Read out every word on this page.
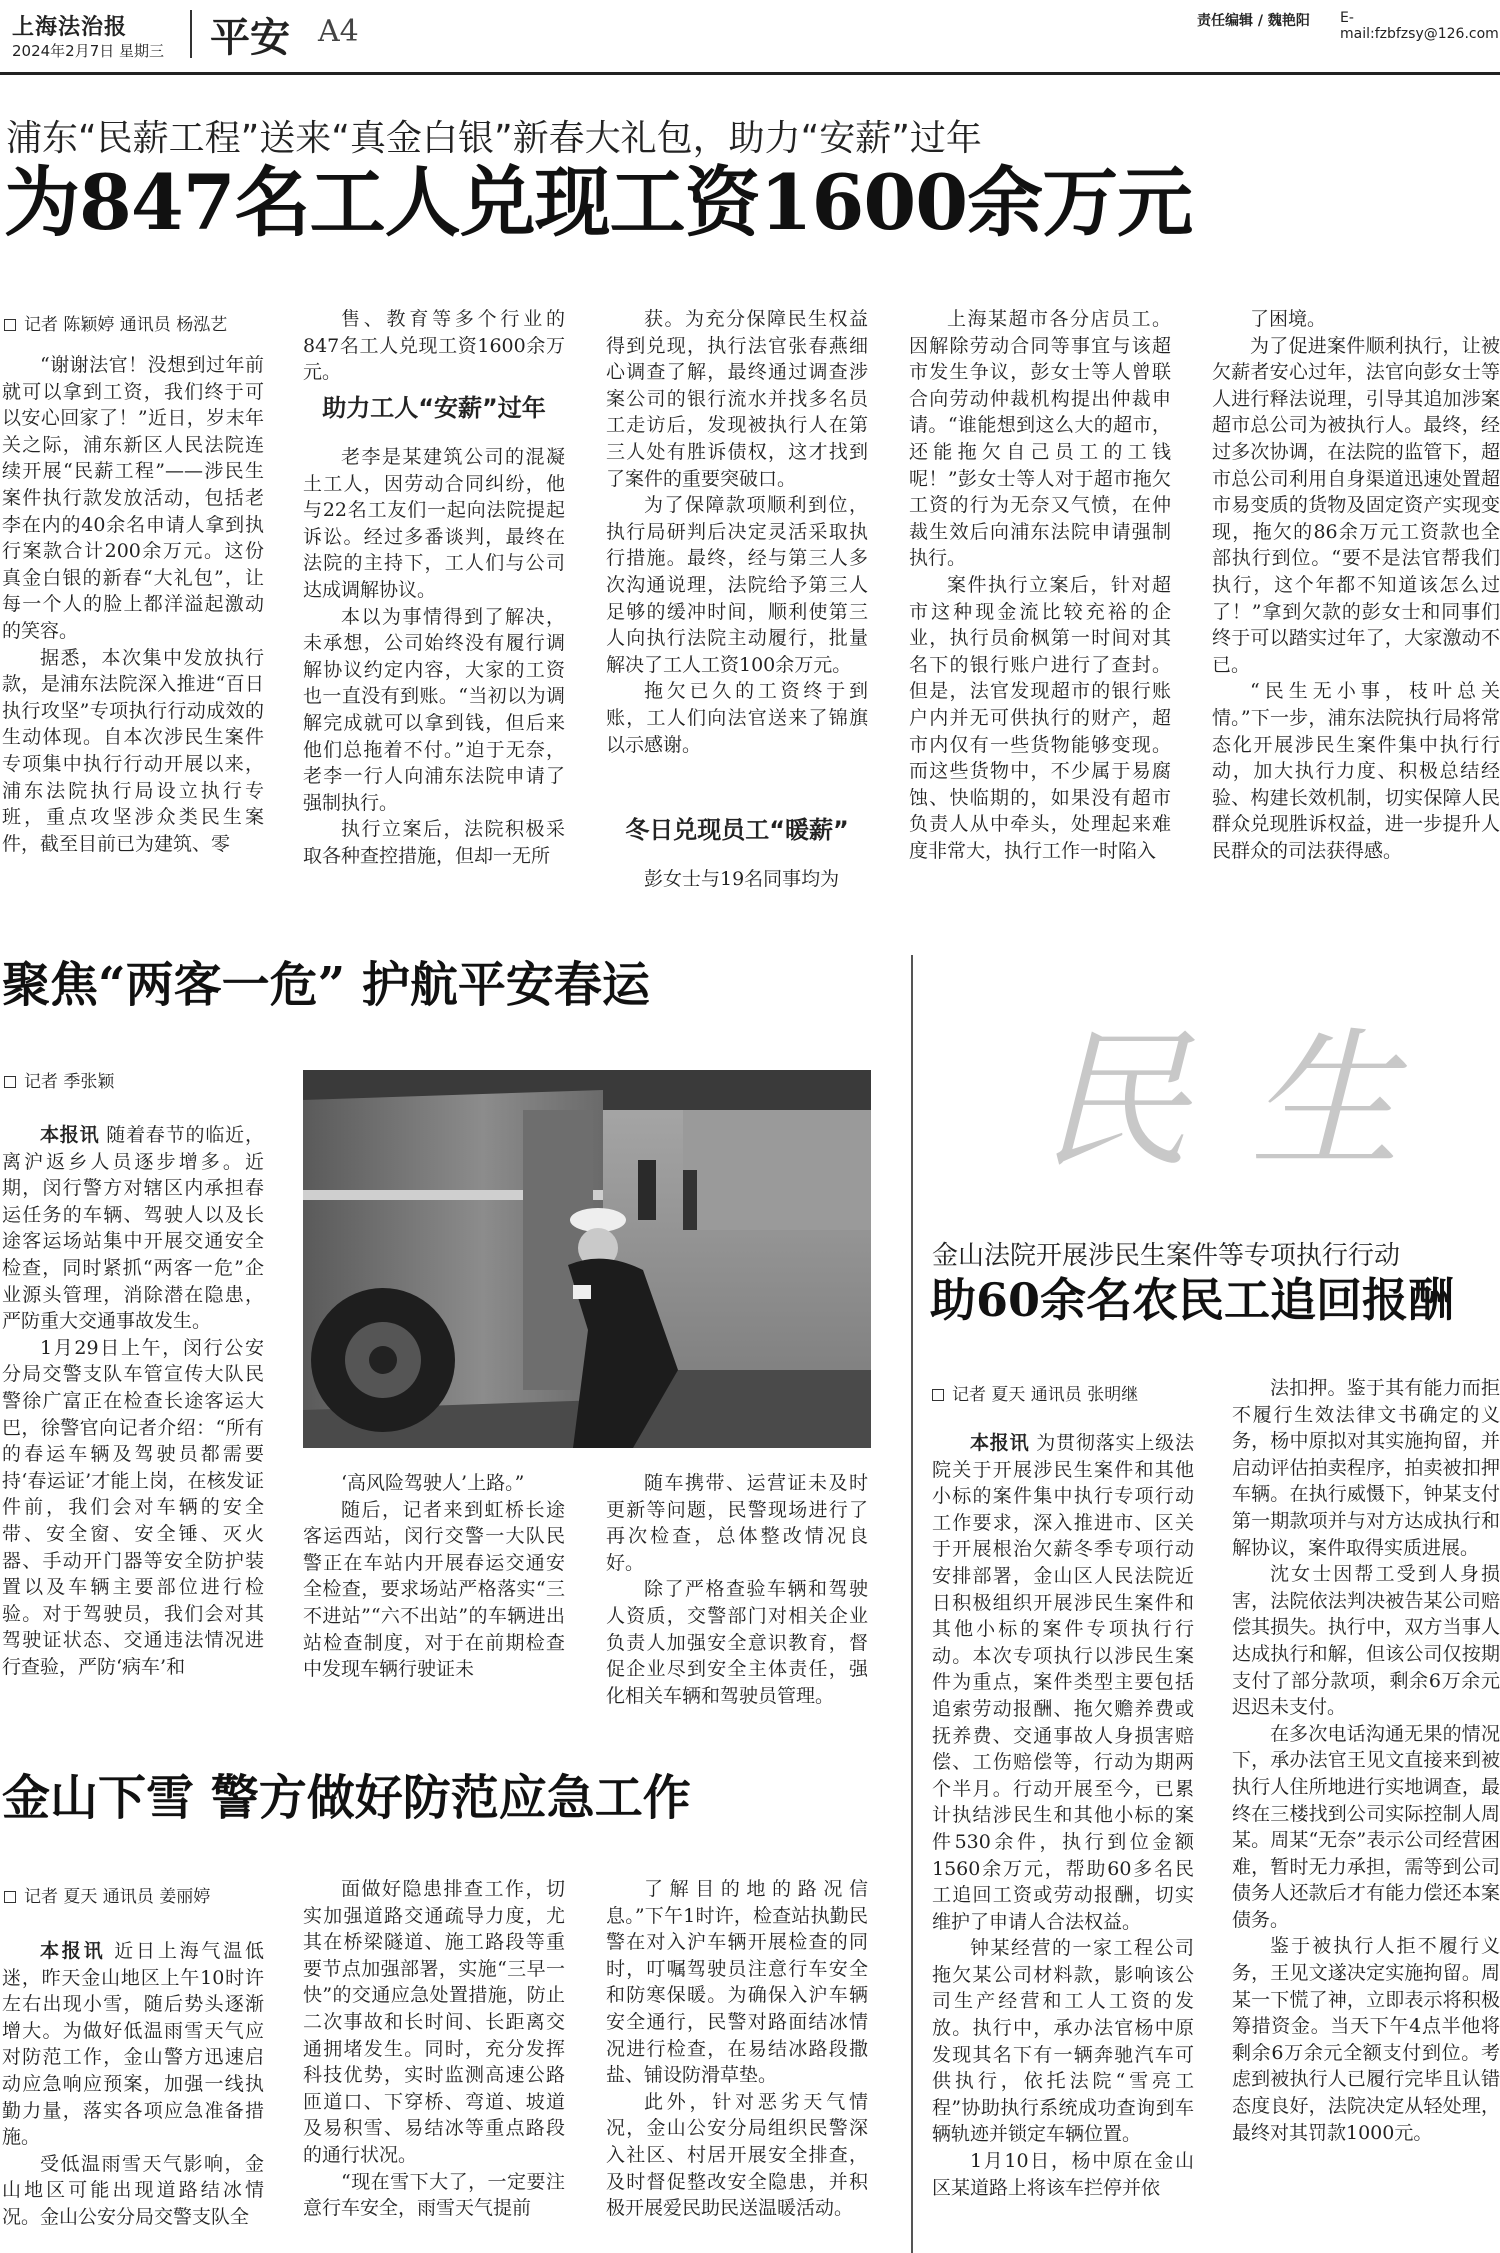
上海法治报
2024年2月7日 星期三 平安 A4	责任编辑 / 魏艳阳 E-mail:fzbfzsy@126.com
浦东“民薪工程”送来“真金白银”新春大礼包，助力“安薪”过年
为847名工人兑现工资1600余万元
记者 陈颖婷 通讯员 杨泓艺

“谢谢法官！没想到过年前就可以拿到工资，我们终于可以安心回家了！”近日，岁末年关之际，浦东新区人民法院连续开展“民薪工程”——涉民生案件执行款发放活动，包括老李在内的40余名申请人拿到执行案款合计200余万元。这份真金白银的新春“大礼包”，让每一个人的脸上都洋溢起激动的笑容。

据悉，本次集中发放执行款，是浦东法院深入推进“百日执行攻坚”专项执行行动成效的生动体现。自本次涉民生案件专项集中执行行动开展以来，浦东法院执行局设立执行专班，重点攻坚涉众类民生案件，截至目前已为建筑、零

售、教育等多个行业的847名工人兑现工资1600余万元。

助力工人“安薪”过年

老李是某建筑公司的混凝土工人，因劳动合同纠纷，他与22名工友们一起向法院提起诉讼。经过多番谈判，最终在法院的主持下，工人们与公司达成调解协议。

本以为事情得到了解决，未承想，公司始终没有履行调解协议约定内容，大家的工资也一直没有到账。“当初以为调解完成就可以拿到钱，但后来他们总拖着不付。”迫于无奈，老李一行人向浦东法院申请了强制执行。

执行立案后，法院积极采取各种查控措施，但却一无所

获。为充分保障民生权益得到兑现，执行法官张春燕细心调查了解，最终通过调查涉案公司的银行流水并找多名员工走访后，发现被执行人在第三人处有胜诉债权，这才找到了案件的重要突破口。

为了保障款项顺利到位，执行局研判后决定灵活采取执行措施。最终，经与第三人多次沟通说理，法院给予第三人足够的缓冲时间，顺利使第三人向执行法院主动履行，批量解决了工人工资100余万元。

拖欠已久的工资终于到账，工人们向法官送来了锦旗以示感谢。

冬日兑现员工“暖薪”

彭女士与19名同事均为

上海某超市各分店员工。因解除劳动合同等事宜与该超市发生争议，彭女士等人曾联合向劳动仲裁机构提出仲裁申请。“谁能想到这么大的超市，还能拖欠自己员工的工钱呢！”彭女士等人对于超市拖欠工资的行为无奈又气愤，在仲裁生效后向浦东法院申请强制执行。

案件执行立案后，针对超市这种现金流比较充裕的企业，执行员俞枫第一时间对其名下的银行账户进行了查封。但是，法官发现超市的银行账户内并无可供执行的财产，超市内仅有一些货物能够变现。而这些货物中，不少属于易腐蚀、快临期的，如果没有超市负责人从中牵头，处理起来难度非常大，执行工作一时陷入

了困境。

为了促进案件顺利执行，让被欠薪者安心过年，法官向彭女士等人进行释法说理，引导其追加涉案超市总公司为被执行人。最终，经过多次协调，在法院的监管下，超市总公司利用自身渠道迅速处置超市易变质的货物及固定资产实现变现，拖欠的86余万元工资款也全部执行到位。“要不是法官帮我们执行，这个年都不知道该怎么过了！”拿到欠款的彭女士和同事们终于可以踏实过年了，大家激动不已。

“民生无小事，枝叶总关情。”下一步，浦东法院执行局将常态化开展涉民生案件集中执行行动，加大执行力度、积极总结经验、构建长效机制，切实保障人民群众兑现胜诉权益，进一步提升人民群众的司法获得感。

聚焦“两客一危” 护航平安春运
记者 季张颖

本报讯 随着春节的临近，离沪返乡人员逐步增多。近期，闵行警方对辖区内承担春运任务的车辆、驾驶人以及长途客运场站集中开展交通安全检查，同时紧抓“两客一危”企业源头管理，消除潜在隐患，严防重大交通事故发生。

1月29日上午，闵行公安分局交警支队车管宣传大队民警徐广富正在检查长途客运大巴，徐警官向记者介绍：“所有的春运车辆及驾驶员都需要持‘春运证’才能上岗，在核发证件前，我们会对车辆的安全带、安全窗、安全锤、灭火器、手动开门器等安全防护装置以及车辆主要部位进行检验。对于驾驶员，我们会对其驾驶证状态、交通违法情况进行查验，严防‘病车’和

‘高风险驾驶人’上路。”

随后，记者来到虹桥长途客运西站，闵行交警一大队民警正在车站内开展春运交通安全检查，要求场站严格落实“三不进站”“六不出站”的车辆进出站检查制度，对于在前期检查中发现车辆行驶证未

随车携带、运营证未及时更新等问题，民警现场进行了再次检查，总体整改情况良好。

除了严格查验车辆和驾驶人资质，交警部门对相关企业负责人加强安全意识教育，督促企业尽到安全主体责任，强化相关车辆和驾驶员管理。

金山下雪 警方做好防范应急工作
记者 夏天 通讯员 姜丽婷

本报讯 近日上海气温低迷，昨天金山地区上午10时许左右出现小雪，随后势头逐渐增大。为做好低温雨雪天气应对防范工作，金山警方迅速启动应急响应预案，加强一线执勤力量，落实各项应急准备措施。

受低温雨雪天气影响，金山地区可能出现道路结冰情况。金山公安分局交警支队全

面做好隐患排查工作，切实加强道路交通疏导力度，尤其在桥梁隧道、施工路段等重要节点加强部署，实施“三早一快”的交通应急处置措施，防止二次事故和长时间、长距离交通拥堵发生。同时，充分发挥科技优势，实时监测高速公路匝道口、下穿桥、弯道、坡道及易积雪、易结冰等重点路段的通行状况。

“现在雪下大了，一定要注意行车安全，雨雪天气提前

了解目的地的路况信息。”下午1时许，检查站执勤民警在对入沪车辆开展检查的同时，叮嘱驾驶员注意行车安全和防寒保暖。为确保入沪车辆安全通行，民警对路面结冰情况进行检查，在易结冰路段撒盐、铺设防滑草垫。

此外，针对恶劣天气情况，金山公安分局组织民警深入社区、村居开展安全排查，及时督促整改安全隐患，并积极开展爱民助民送温暖活动。

民生
金山法院开展涉民生案件等专项执行行动
助60余名农民工追回报酬
记者 夏天 通讯员 张明继

本报讯 为贯彻落实上级法院关于开展涉民生案件和其他小标的案件集中执行专项行动工作要求，深入推进市、区关于开展根治欠薪冬季专项行动安排部署，金山区人民法院近日积极组织开展涉民生案件和其他小标的案件专项执行行动。本次专项执行以涉民生案件为重点，案件类型主要包括追索劳动报酬、拖欠赡养费或抚养费、交通事故人身损害赔偿、工伤赔偿等，行动为期两个半月。行动开展至今，已累计执结涉民生和其他小标的案件530余件，执行到位金额1560余万元，帮助60多名民工追回工资或劳动报酬，切实维护了申请人合法权益。

钟某经营的一家工程公司拖欠某公司材料款，影响该公司生产经营和工人工资的发放。执行中，承办法官杨中原发现其名下有一辆奔驰汽车可供执行，依托法院“雪亮工程”协助执行系统成功查询到车辆轨迹并锁定车辆位置。

1月10日，杨中原在金山区某道路上将该车拦停并依

法扣押。鉴于其有能力而拒不履行生效法律文书确定的义务，杨中原拟对其实施拘留，并启动评估拍卖程序，拍卖被扣押车辆。在执行威慑下，钟某支付第一期款项并与对方达成执行和解协议，案件取得实质进展。

沈女士因帮工受到人身损害，法院依法判决被告某公司赔偿其损失。执行中，双方当事人达成执行和解，但该公司仅按期支付了部分款项，剩余6万余元迟迟未支付。

在多次电话沟通无果的情况下，承办法官王见文直接来到被执行人住所地进行实地调查，最终在三楼找到公司实际控制人周某。周某“无奈”表示公司经营困难，暂时无力承担，需等到公司债务人还款后才有能力偿还本案债务。

鉴于被执行人拒不履行义务，王见文遂决定实施拘留。周某一下慌了神，立即表示将积极筹措资金。当天下午4点半他将剩余6万余元全额支付到位。考虑到被执行人已履行完毕且认错态度良好，法院决定从轻处理，最终对其罚款1000元。
